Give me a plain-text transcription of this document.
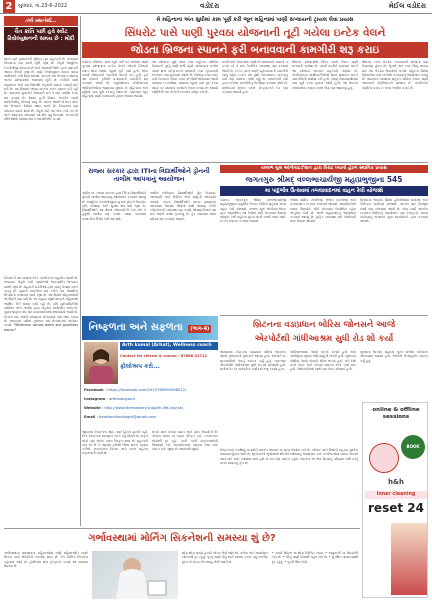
2	બુધવાર, તા.23-6-2022	વડોદરા	મેઈલ વડોદરા
તંત્રી સ્થાનેથી...
ચૈત ક્રાંતિ પછી હવે સ્વીટ રિવોલ્યુશનની સમય છે : મોદી
ભારત માટે ગુજરાતની ભૂમિકા ખૂબ મહત્વની છે. રાજ્યમાં વિકાસના નવા માર્ગો ખૂલી રહ્યા છે. ખેડૂતો આધુનિક ટેકનોલોજી અપનાવે છે અને મધમાખી ઉછેર દ્વારા વધારાની આવક મેળવી રહ્યા છે. સ્વીટ રિવોલ્યુશન દેશના ગ્રામ્ય અર્થતંત્રને નવી દિશા આપશે. સરકારે મધ ઉત્પાદન વધારવા અનેક યોજનાઓ અમલમાં મૂકી છે. ખેતીની સાથે પશુપાલન અને મધ ઉછેરથી ખેડૂતોની આવક બમણી થઈ શકે છે. આ દિશામાં રાજ્ય સરકાર સતત પ્રયાસ કરી રહી છે. ગામડાંના યુવાનોને રોજગારી મળે તે માટે તાલીમ કેન્દ્રો શરૂ કરાયા છે. દેશમાં હની મિશન અંતર્ગત લાખો મધપેટીઓનું વિતરણ થયું છે. ભારત આજે વિશ્વના મોટા મધ ઉત્પાદક દેશોમાં સ્થાન ધરાવે છે. નિકાસમાં પણ નોંધપાત્ર વધારો થયો છે. ખેડૂતો માટે આ એક નવી તક છે અને આવનારા સમયમાં આ ક્ષેત્ર વધુ વિકસશે. સરકારની નીતિઓથી ગ્રામીણ ભારત આત્મનિર્ભર બનશે.
વિકાસની આ યાત્રામાં દરેક નાગરિકનો સહયોગ જરૂરી છે. રાજ્યના ખેડૂતો નવી પદ્ધતિઓ અપનાવીને ઉત્પાદન વધારી રહ્યા છે. સહકારી મંડળીઓ દ્વારા મધનું વેચાણ સરળ બન્યું છે. યુવાનો સ્ટાર્ટઅપ શરૂ કરીને મધ આધારિત ઉત્પાદનો બજારમાં લાવી રહ્યા છે. આ ક્ષેત્રમાં મહિલાઓની ભાગીદારી પણ વધી છે. સ્વ સહાય જૂથો મારફતે મહિલાઓ આર્થિક રીતે સક્ષમ બની રહી છે. કૃષિ યુનિવર્સિટીઓ સંશોધન અને તાલીમ દ્વારા ખેડૂતોને માર્ગદર્શન આપે છે. ગુણવત્તાયુક્ત મધ માટે પ્રયોગશાળાઓ સ્થાપવામાં આવી છે. નિકાસ માટે જરૂરી પ્રમાણપત્ર મેળવવામાં પણ મદદ કરાય છે. આવનારા વર્ષોમાં ગુજરાત મધ ઉત્પાદનમાં અગ્રેસર બનશે. "Whenever sorrow wants and goodness wants!"
મે મહિનાના અંત સુધીમાં કામ પૂર્ણ કરી જૂન મહિનામાં પાણી સપ્લાયનો ટ્રાયલ લેવા પ્રયાસ
સિંધરોટ પાસે પાણી પુરવઠા યોજનાની તૂટી ગયેલા ઇન્ટેક વેલને
જોડતા બ્રિજના સ્પાનને ફરી બનાવવાની કામગીરી શરૂ કરાઇ
વડોદરા. સિંધરોટ પાસે મહી નદી પર આવેલા પાણી પુરવઠા યોજનાના ઇન્ટેક વેલને જોડતો બ્રિજનો સ્પાન થોડા સમય પહેલાં તૂટી ગયો હતો. જેના કારણે યોજનાની કામગીરી અટકી ગઈ હતી. હવે આ સ્પાનને ફરીથી બનાવવાની કામગીરી શરૂ કરવામાં આવી છે. મ્યુનિસિપલ કોર્પોરેશનના અધિકારીઓના જણાવ્યા મુજબ મે મહિનાના અંત સુધીમાં કામ પૂર્ણ કરવાનું લક્ષ્ય છે. ત્યારબાદ જૂન મહિનામાં પાણી સપ્લાયનો ટ્રાયલ લેવામાં આવશે.
આ યોજના પૂર્ણ થયા બાદ શહેરના પશ્ચિમ વિસ્તારને પૂરતું પાણી મળી રહેશે. યોજનાના ખર્ચમાં વધારો થતાં કોન્ટ્રાક્ટરને વધારાની રકમ ચૂકવવાની દરખાસ્ત પણ મૂકવામાં આવી છે. બ્રિજના સ્પાન માટે નવી ડિઝાઇન તૈયાર કરાઈ છે જેથી ભવિષ્યમાં આવી સમસ્યા ન સર્જાય. ચોમાસા પહેલાં કામ પૂરું કરવા સાઇટ પર વધારાના કામદારો તૈનાત કરાયા છે. સ્થાયી સમિતિએ આ અંગેની દરખાસ્ત મંજૂર કરી છે.
નાગરિકોને ઉનાળામાં પાણીની સમસ્યાનો સામનો ન કરવો પડે તે માટે વૈકલ્પિક વ્યવસ્થા પણ કરવામાં આવી છે. ટેન્કર દ્વારા પાણી પહોંચાડવાની કામગીરી ચાલુ રહેશે. ઇન્ટેક વેલ સુધી પાઇપલાઇન નાખવાનું કામ પણ સમાંતર ચાલી રહ્યું છે. ઇજનેરોની ટીમ દ્વારા દરરોજ કામગીરીનું નિરીક્ષણ કરવામાં આવે છે. પ્રોજેક્ટમાં વિલંબ બદલ કોન્ટ્રાક્ટરને દંડ પણ કરવામાં આવ્યો હતો.
સિંધરોટ યોજનાથી દૈનિક લાખો લિટર પાણી મળવાની અપેક્ષા છે. વધતી વસ્તીને ધ્યાનમાં લઈને આ યોજના અત્યંત મહત્વની ગણાય છે. કોર્પોરેશનના પદાધિકારીઓએ સ્થળ મુલાકાત લઈને કામગીરીની સમીક્ષા કરી હતી. તેમણે સમયમર્યાદામાં કામ પૂર્ણ કરવા સૂચના આપી હતી. આ ઉપરાંત સલામતીના તમામ પગલાં લેવા પણ જણાવ્યું હતું.
સિંધરોટ ખાતે ચેકડેમ બનાવવાની યોજના પણ વિચારણા હેઠળ છે. ભૂગર્ભ જળ સ્તર ઊંચું લાવવા માટે આ ચેકડેમ ઉપયોગી બનશે. શહેરના વિવિધ વિસ્તારોમાં નવી ટાંકીઓ બનાવવાનું આયોજન કરાયું છે. આવનારા સમયમાં શહેરને ચોવીસ કલાક પાણી આપવાની કોર્પોરેશનની યોજના છે. નાગરિકોને પાણીનો બગાડ ન કરવા અપીલ કરાઈ છે.
રાજ્ય સરકાર દ્વારા ITIના વિદ્યાર્થીઓને ડ્રોનની તાલીમ આપવાનું આયોજન
ગાંધીનગર. રાજ્ય સરકાર દ્વારા ITIના વિદ્યાર્થીઓને ડ્રોનની તાલીમ આપવાનું આયોજન કરવામાં આવ્યું છે. આધુનિક ટેકનોલોજીના યુગમાં ડ્રોનનો ઉપયોગ કૃષિ, સર્વેક્ષણ અને સુરક્ષા ક્ષેત્રે વધી રહ્યો છે. વિદ્યાર્થીઓને આ ક્ષેત્રમાં રોજગારીની તકો મળે તે હેતુથી તાલીમ શરૂ કરાશે. પ્રથમ તબક્કામાં પસંદગીના ITIમાં કોર્સ શરૂ થશે.
તાલીમ દરમિયાન વિદ્યાર્થીઓને ડ્રોન ઉડાડવા, જાળવણી અને રિપેરિંગ અંગે માહિતી આપવામાં આવશે. સફળ વિદ્યાર્થીઓને માન્ય પ્રમાણપત્ર આપવામાં આવશે. ઉદ્યોગો સાથે જોડાણ કરીને પ્લેસમેન્ટની વ્યવસ્થા પણ કરાશે. શિક્ષણ વિભાગે આ માટે જરૂરી બજેટ ફાળવ્યું છે. ટૂંક સમયમાં પ્રવેશ પ્રક્રિયા શરૂ કરવામાં આવશે.
વલ્લભ યુથ ઓર્ગેનાઇઝેશન દ્વારા વિરાટ ધ્યાનો હેઠળ સ્થાનિક પ્રયાસ
જગતગુરુ શ્રીમદ્ વલ્લભાચાર્યજી મહાપ્રભુજીના 545
મા પાદુર્ભાવ ઉત્સવમાં તબલાવાદનમાં વાહન રેલી યોજાશે
વડોદરા. જગતગુરુ શ્રીમદ્ વલ્લભાચાર્યજી મહાપ્રભુજીના પ્રાદુર્ભાવ ઉત્સવ નિમિત્તે શહેરમાં ભવ્ય વાહન રેલી યોજાશે. વલ્લભ યુથ ઓર્ગેનાઇઝેશન દ્વારા આયોજિત આ રેલીમાં મોટી સંખ્યામાં વૈષ્ણવો જોડાશે. રેલી શહેરના મુખ્ય માર્ગો પરથી પસાર થશે. ઠેર ઠેર સ્વાગત કરવામાં આવશે.
રેલીમાં ધાર્મિક ઝાંખીઓ, ભજન મંડળીઓ અને તબલાવાદન કરનારા કલાકારો જોડાશે. આયોજકોએ તમામ વૈષ્ણવોને મોટી સંખ્યામાં ઉપસ્થિત રહેવા અનુરોધ કર્યો છે. સાંજે મહાપ્રસાદનું આયોજન કરવામાં આવ્યું છે. ટ્રાફિક વ્યવસ્થા માટે પોલીસની મદદ લેવામાં આવશે.
ઉત્સવના ભાગરૂપે વિવિધ હવેલીઓમાં મનોરથ અને કીર્તનના કાર્યક્રમો યોજાશે. બાળકો માટે વેશભૂષા સ્પર્ધા પણ રાખવામાં આવી છે. સેવા કાર્યો અંતર્ગત રક્તદાન શિબિરનું આયોજન પણ કરાયું છે. સમગ્ર કાર્યક્રમનું સંચાલન યુવા સ્વયંસેવકો દ્વારા કરવામાં આવશે.
બ્રિટનના વડાપ્રધાન બોરિસ જોનસને આજે
એરપોર્ટથી ગાંધીઆશ્રમ સુધી રોડ શો કર્યો
અમદાવાદ. બ્રિટનના વડાપ્રધાન બોરિસ જોનસન આજે ગુજરાતની મુલાકાતે આવ્યા હતા. એરપોર્ટ પર મુખ્યમંત્રીએ તેમનું સ્વાગત કર્યું હતું. ત્યારબાદ એરપોર્ટથી ગાંધીઆશ્રમ સુધી રોડ શો યોજાયો હતો. માર્ગમાં ઠેર ઠેર સાંસ્કૃતિક કાર્યક્રમો રજૂ કરાયા હતા.
ગાંધીઆશ્રમમાં તેમણે ચરખો કાંત્યો હતો અને ગાંધીજીના જીવન વિશે માહિતી મેળવી હતી. મુલાકાત પોથીમાં તેમણે પોતાનો સંદેશ લખ્યો હતો. બંને દેશો વચ્ચે વેપાર અને રોકાણ વધારવા અંગે ચર્ચા થઈ હતી. ઉદ્યોગપતિઓ સાથે પણ બેઠક યોજાઈ હતી.
સુરક્ષાના ભાગરૂપે શહેરમાં ચુસ્ત પોલીસ બંદોબસ્ત ગોઠવવામાં આવ્યો હતો. લોકોએ ઉત્સાહભેર સ્વાગત કર્યું હતું.
નિષ્ફળતા અને સફળતા (ભાગ-4)
Arth kamal (Arhat), Wellness coach
Contact for refreal & course : 87668 01712
ફોલોઅપ કરો...
Facebook : https://facebook.com/1012766585498012/
Instagram : arthanboyand
Website : http://www.themastery.shop/th-life-course/
Email : heartandhealingth@gmail.com
જીવનમાં નિષ્ફળતા આવે ત્યારે હિંમત હારવી નહીં. દરેક નિષ્ફળતા આપણને કંઈક નવું શીખવે છે. સફળ લોકો પણ અનેક વખત નિષ્ફળ થયા છે. મહત્વની વાત એ છે કે આપણે ફરીથી ઊભા થઈને પ્રયાસ કરીએ. સકારાત્મક વિચાર અને સતત મહેનત સફળતાની ચાવી છે.
મનને શાંત રાખવા ધ્યાન અને યોગ ઉપયોગી છે. પોતાના લક્ષ્ય પર ધ્યાન કેન્દ્રિત કરો. નકારાત્મક લોકોથી દૂર રહો. નાની નાની સફળતાઓની ઉજવણી કરો. આત્મવિશ્વાસ વધારવા રોજ સારું વાંચન કરો. જીવનને આનંદથી જીવો.	નિષ્ફળતાને પગથિયું બનાવીને આગળ વધનારા જ સાચા વિજેતા બને છે. પરિવાર અને મિત્રોનો સહકાર મુશ્કેલ સમયમાં હિંમત આપે છે. ભૂતકાળની ભૂલોમાંથી શીખીને ભવિષ્યનું આયોજન કરો. દરરોજ થોડો સમય પોતાની જાત માટે કાઢો. સ્વાસ્થ્ય સારું હશે તો મન પણ પ્રસન્ન રહેશે. સફળતા એ એક દિવસનું પરિણામ નથી પરંતુ સતત પ્રયાસનું ફળ છે.
online & offline sessions
BOOK TODAY
h&h
inner cleaning
reset 24
ગર્ભાવસ્થામાં મોર્નિંગ સિકનેશની સમસ્યા શું છે?
ગર્ભાવસ્થાના શરૂઆતના મહિનાઓમાં ઘણી મહિલાઓને સવારે ઉબકા અને ઉલટીની તકલીફ થાય છે. તેને મોર્નિંગ સિકનેસ કહેવામાં આવે છે. હોર્મોનમાં થતા ફેરફારને કારણે આ સમસ્યા ઉદ્ભવે છે.
થોડા થોડા સમયે હળવો ખોરાક લેવો જોઈએ. તળેલા અને મસાલેદાર ખોરાકથી દૂર રહેવું. પૂરતું પાણી પીવું અને આરામ કરવો. વધુ તકલીફ હોય તો ડૉક્ટરની સલાહ લેવી જરૂરી છે.
• સવારે ઊઠતાં જ થોડા બિસ્કિટ ખાવા. • આદુવાળી ચા ઉપયોગી બને છે. • લીંબુ પાણી પીવાથી રાહત મળે છે. • સુગંધિત વાતાવરણથી દૂર રહેવું. • પૂરતી ઊંઘ લેવી.
